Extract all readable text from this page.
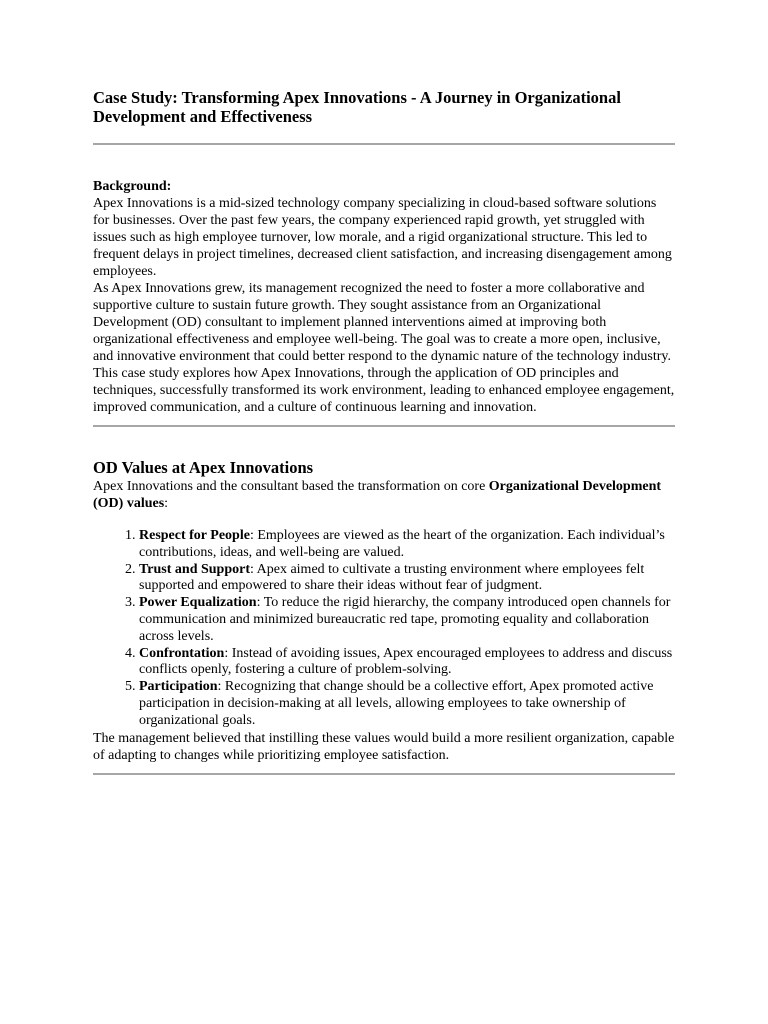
Case Study: Transforming Apex Innovations - A Journey in Organizational Development and Effectiveness

Background:

Apex Innovations is a mid-sized technology company specializing in cloud-based software solutions for businesses. Over the past few years, the company experienced rapid growth, yet struggled with issues such as high employee turnover, low morale, and a rigid organizational structure. This led to frequent delays in project timelines, decreased client satisfaction, and increasing disengagement among employees.

As Apex Innovations grew, its management recognized the need to foster a more collaborative and supportive culture to sustain future growth. They sought assistance from an Organizational Development (OD) consultant to implement planned interventions aimed at improving both organizational effectiveness and employee well-being. The goal was to create a more open, inclusive, and innovative environment that could better respond to the dynamic nature of the technology industry.

This case study explores how Apex Innovations, through the application of OD principles and techniques, successfully transformed its work environment, leading to enhanced employee engagement, improved communication, and a culture of continuous learning and innovation.

OD Values at Apex Innovations

Apex Innovations and the consultant based the transformation on core Organizational Development (OD) values:

1. Respect for People: Employees are viewed as the heart of the organization. Each individual’s contributions, ideas, and well-being are valued.
2. Trust and Support: Apex aimed to cultivate a trusting environment where employees felt supported and empowered to share their ideas without fear of judgment.
3. Power Equalization: To reduce the rigid hierarchy, the company introduced open channels for communication and minimized bureaucratic red tape, promoting equality and collaboration across levels.
4. Confrontation: Instead of avoiding issues, Apex encouraged employees to address and discuss conflicts openly, fostering a culture of problem-solving.
5. Participation: Recognizing that change should be a collective effort, Apex promoted active participation in decision-making at all levels, allowing employees to take ownership of organizational goals.

The management believed that instilling these values would build a more resilient organization, capable of adapting to changes while prioritizing employee satisfaction.
